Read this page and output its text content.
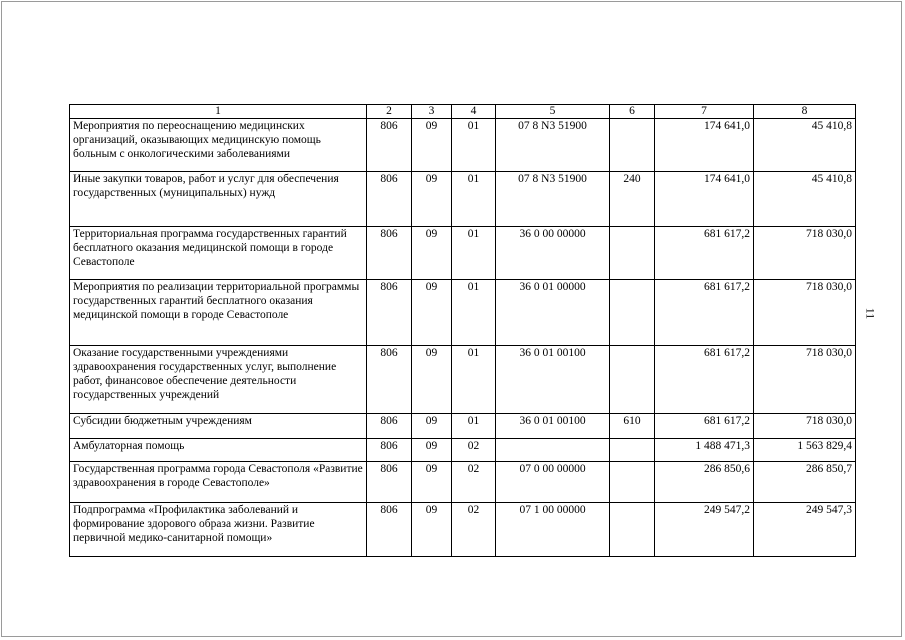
1	2	3	4	5	6	7	8
Мероприятия по переоснащению медицинских организаций, оказывающих медицинскую помощь больным с онкологическими заболеваниями	806	09	01	07 8 N3 51900		174 641,0	45 410,8
Иные закупки товаров, работ и услуг для обеспечения государственных (муниципальных) нужд	806	09	01	07 8 N3 51900	240	174 641,0	45 410,8
Территориальная программа государственных гарантий бесплатного оказания медицинской помощи в городе Севастополе	806	09	01	36 0 00 00000		681 617,2	718 030,0
Мероприятия по реализации территориальной программы государственных гарантий бесплатного оказания медицинской помощи в городе Севастополе	806	09	01	36 0 01 00000		681 617,2	718 030,0
Оказание государственными учреждениями здравоохранения государственных услуг, выполнение работ, финансовое обеспечение деятельности государственных учреждений	806	09	01	36 0 01 00100		681 617,2	718 030,0
Субсидии бюджетным учреждениям	806	09	01	36 0 01 00100	610	681 617,2	718 030,0
Амбулаторная помощь	806	09	02			1 488 471,3	1 563 829,4
Государственная программа города Севастополя «Развитие здравоохранения в городе Севастополе»	806	09	02	07 0 00 00000		286 850,6	286 850,7
Подпрограмма «Профилактика заболеваний и формирование здорового образа жизни. Развитие первичной медико-санитарной помощи»	806	09	02	07 1 00 00000		249 547,2	249 547,3
11
